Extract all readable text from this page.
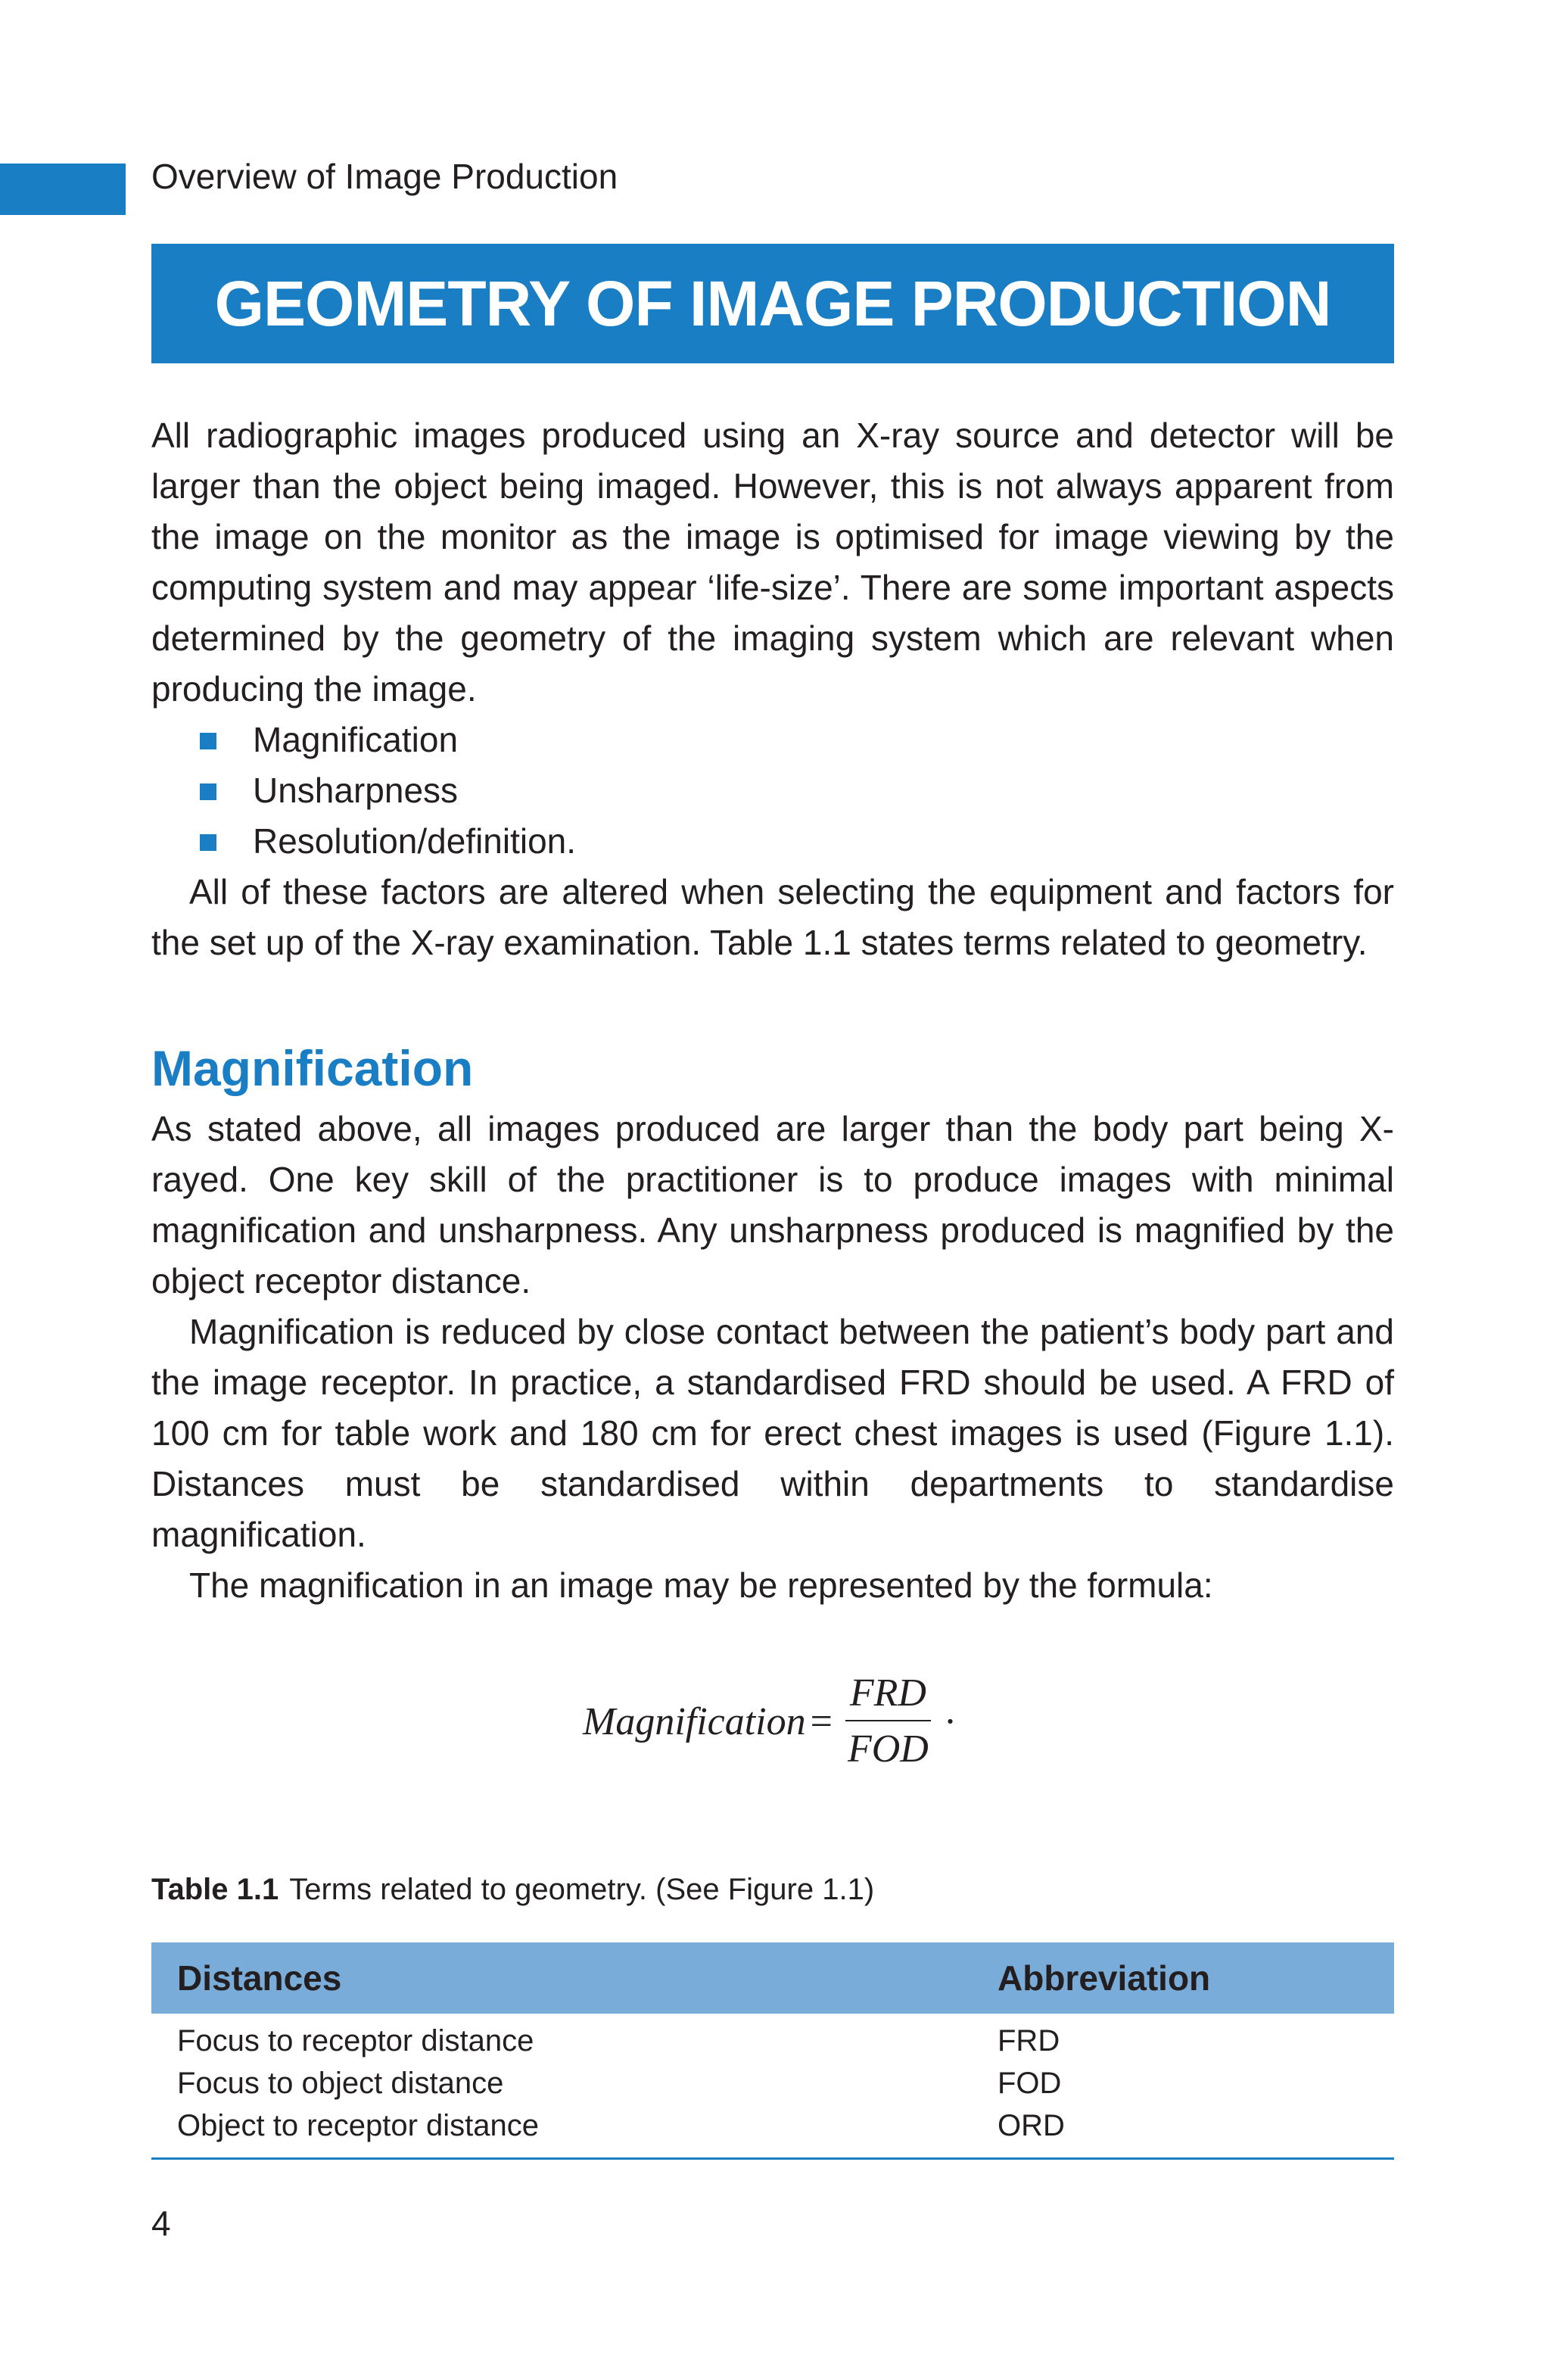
Overview of Image Production
GEOMETRY OF IMAGE PRODUCTION

All radiographic images produced using an X-ray source and detector will be larger than the object being imaged. However, this is not always apparent from the image on the monitor as the image is optimised for image viewing by the computing system and may appear ‘life-size’. There are some important aspects determined by the geometry of the imaging system which are relevant when producing the image.

Magnification
Unsharpness
Resolution/definition.

All of these factors are altered when selecting the equipment and factors for the set up of the X-ray examination. Table 1.1 states terms related to geometry.

Magnification

As stated above, all images produced are larger than the body part being X-rayed. One key skill of the practitioner is to produce images with minimal magnification and unsharpness. Any unsharpness produced is magnified by the object receptor distance.

Magnification is reduced by close contact between the patient’s body part and the image receptor. In practice, a standardised FRD should be used. A FRD of 100 cm for table work and 180 cm for erect chest images is used (Figure 1.1). Distances must be standardised within departments to standardise magnification.

The magnification in an image may be represented by the formula:

Magnification = $\frac{\text{FRD}}{\text{FOD}}$ ·
Table 1.1 Terms related to geometry. (See Figure 1.1)
Distances	Abbreviation
Focus to receptor distance	FRD
Focus to object distance	FOD
Object to receptor distance	ORD
4
